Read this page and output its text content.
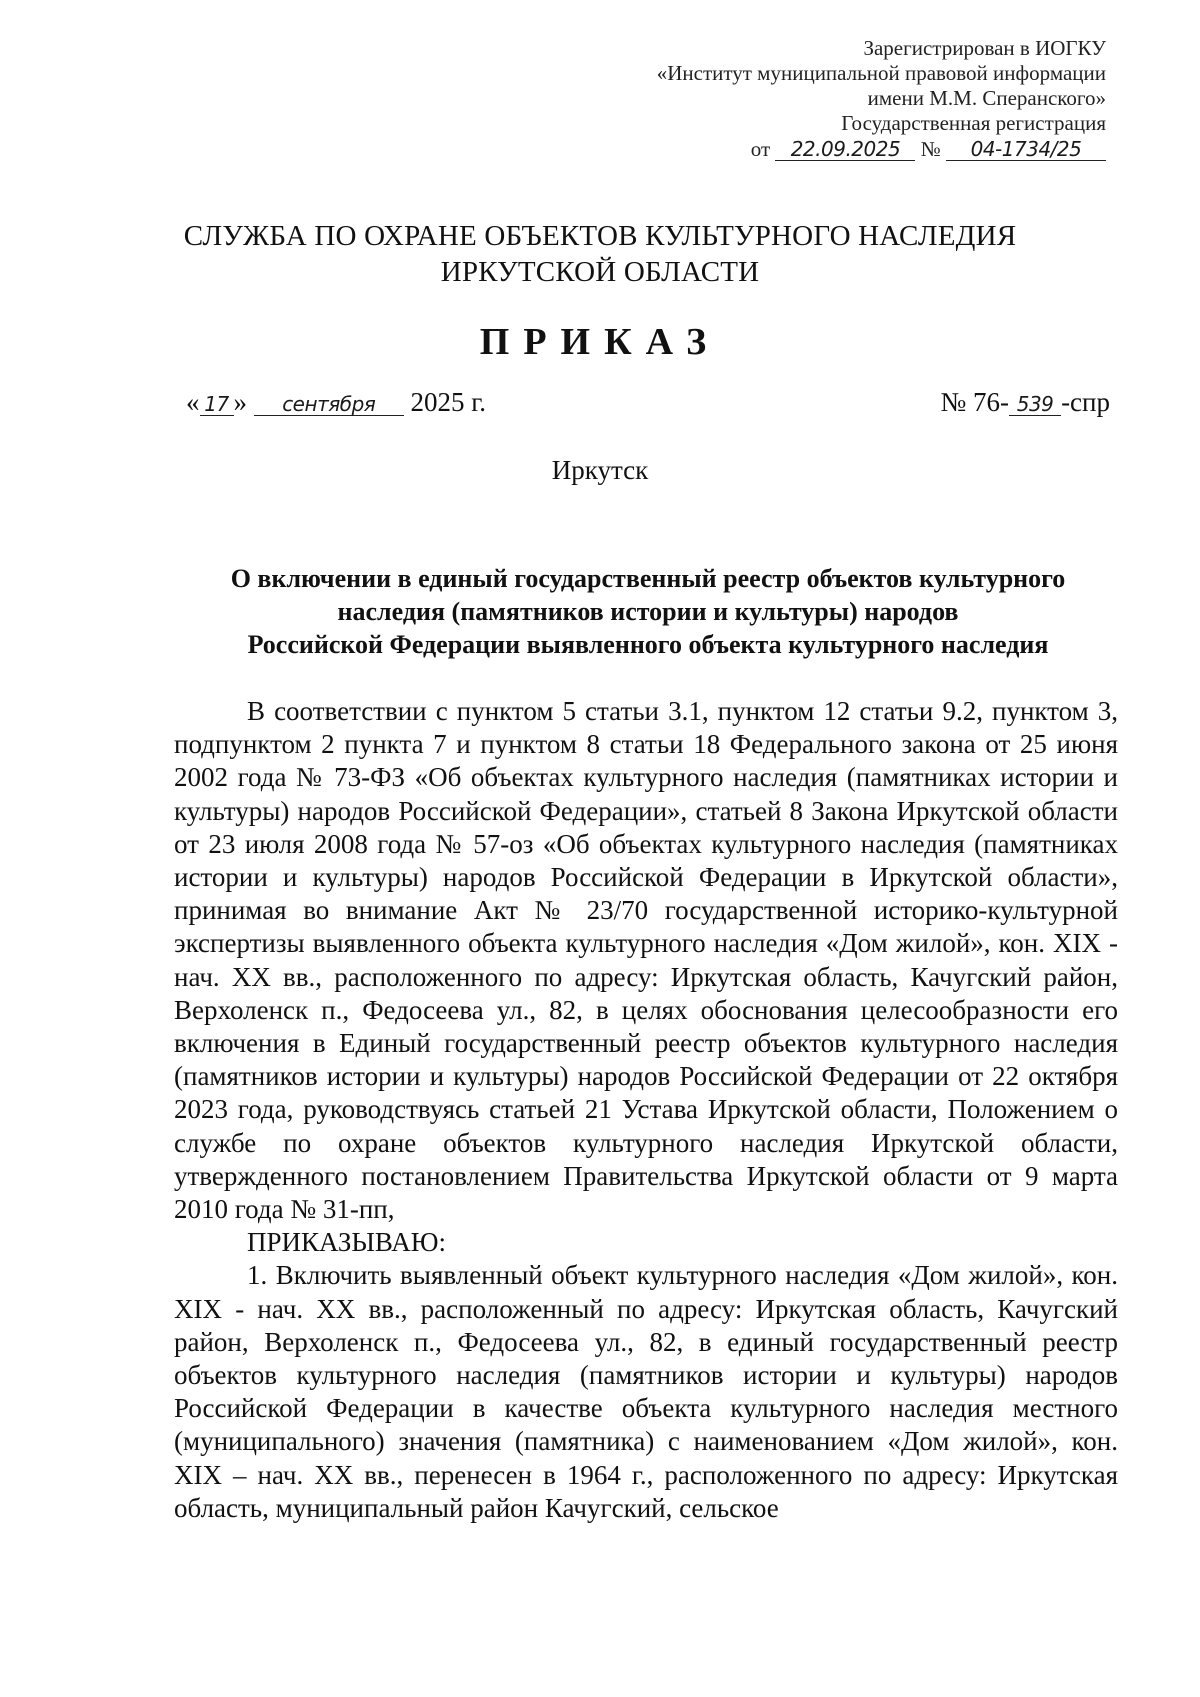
Зарегистрирован в ИОГКУ
«Институт муниципальной правовой информации
имени М.М. Сперанского»
Государственная регистрация
от 22.09.2025 № 04-1734/25
СЛУЖБА ПО ОХРАНЕ ОБЪЕКТОВ КУЛЬТУРНОГО НАСЛЕДИЯ
ИРКУТСКОЙ ОБЛАСТИ
ПРИКАЗ
« 17 » сентября 2025 г.	№ 76- 539 -спр
Иркутск
О включении в единый государственный реестр объектов культурного
наследия (памятников истории и культуры) народов
Российской Федерации выявленного объекта культурного наследия

В соответствии с пунктом 5 статьи 3.1, пунктом 12 статьи 9.2, пунктом 3, подпунктом 2 пункта 7 и пунктом 8 статьи 18 Федерального закона от 25 июня 2002 года № 73-ФЗ «Об объектах культурного наследия (памятниках истории и культуры) народов Российской Федерации», статьей 8 Закона Иркутской области от 23 июля 2008 года № 57-оз «Об объектах культурного наследия (памятниках истории и культуры) народов Российской Федерации в Иркутской области», принимая во внимание Акт № 23/70 государственной историко-культурной экспертизы выявленного объекта культурного наследия «Дом жилой», кон. XIX - нач. XX вв., расположенного по адресу: Иркутская область, Качугский район, Верхоленск п., Федосеева ул., 82, в целях обоснования целесообразности его включения в Единый государственный реестр объектов культурного наследия (памятников истории и культуры) народов Российской Федерации от 22 октября 2023 года, руководствуясь статьей 21 Устава Иркутской области, Положением о службе по охране объектов культурного наследия Иркутской области, утвержденного постановлением Правительства Иркутской области от 9 марта 2010 года № 31-пп,

ПРИКАЗЫВАЮ:

1. Включить выявленный объект культурного наследия «Дом жилой», кон. XIX - нач. XX вв., расположенный по адресу: Иркутская область, Качугский район, Верхоленск п., Федосеева ул., 82, в единый государственный реестр объектов культурного наследия (памятников истории и культуры) народов Российской Федерации в качестве объекта культурного наследия местного (муниципального) значения (памятника) с наименованием «Дом жилой», кон. XIX – нач. XX вв., перенесен в 1964 г., расположенного по адресу: Иркутская область, муниципальный район Качугский, сельское
